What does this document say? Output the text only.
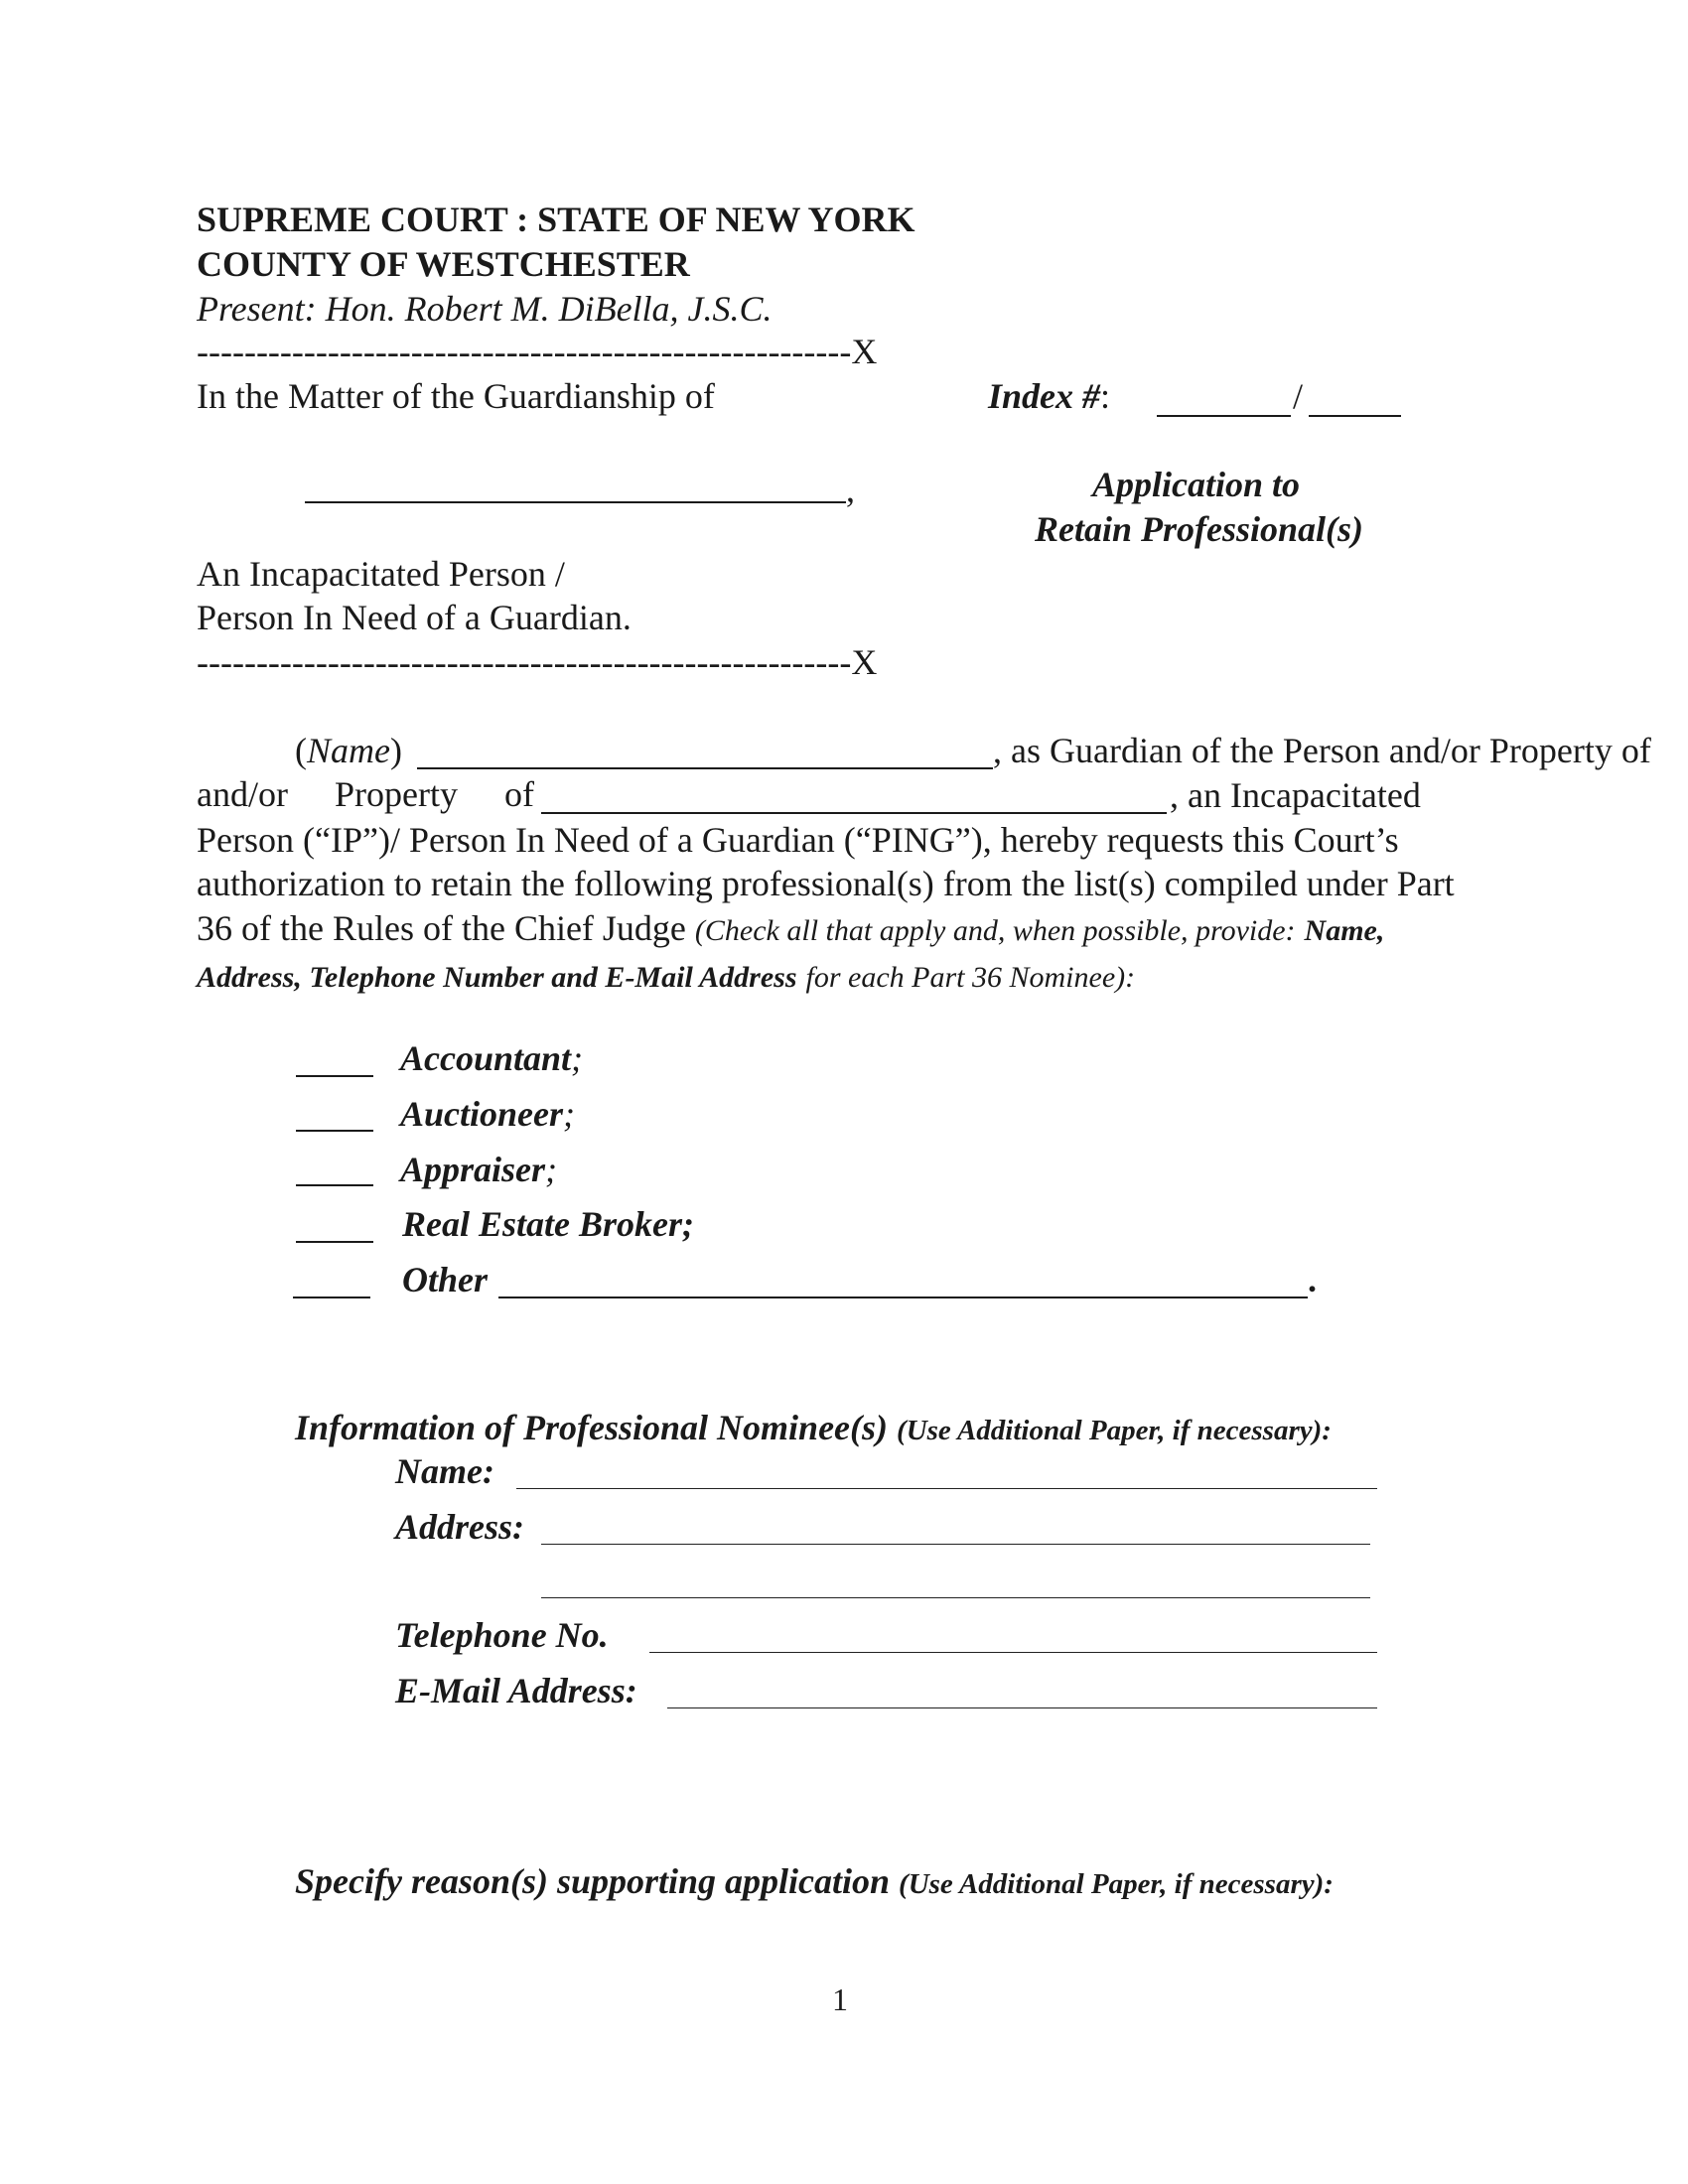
SUPREME COURT : STATE OF NEW YORK
COUNTY OF WESTCHESTER
Present: Hon. Robert M. DiBella, J.S.C.
-------------------------------------------------------X
In the Matter of the Guardianship of
,
An Incapacitated Person /
Person In Need of a Guardian.
-------------------------------------------------------X
Index #:	/
Application to
Retain Professional(s)
(Name)	, as Guardian of the Person and/or Property of
and/or Property of	, an Incapacitated Person (“IP”)/ Person In Need of a Guardian (“PING”), hereby requests this Court’s authorization to retain the following professional(s) from the list(s) compiled under Part 36 of the Rules of the Chief Judge (Check all that apply and, when possible, provide: Name, Address, Telephone Number and E-Mail Address for each Part 36 Nominee):
Accountant;
Auctioneer;
Appraiser;
Real Estate Broker;
Other	.
Information of Professional Nominee(s) (Use Additional Paper, if necessary):
Name:
Address:
Telephone No.
E-Mail Address:
Specify reason(s) supporting application (Use Additional Paper, if necessary):
1
